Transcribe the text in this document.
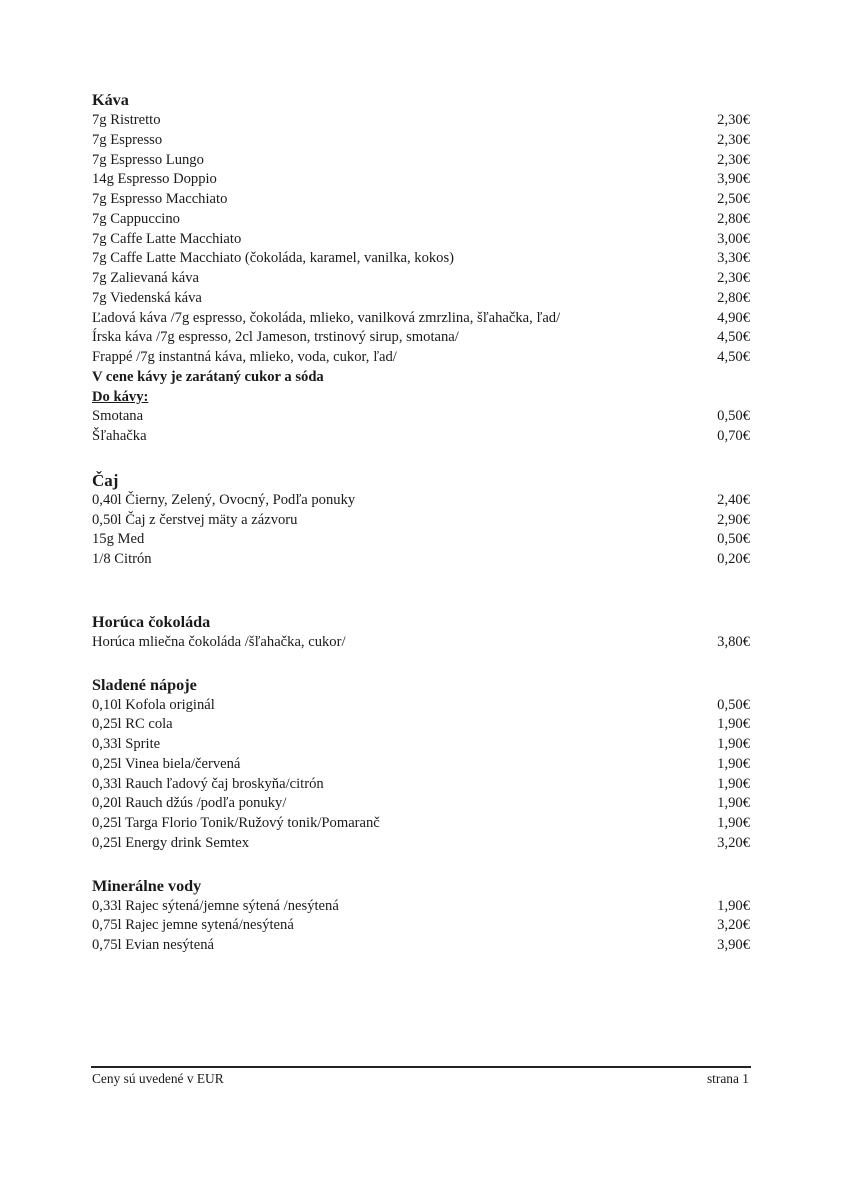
Káva
7g Ristretto	2,30€
7g Espresso	2,30€
7g Espresso Lungo	2,30€
14g Espresso Doppio	3,90€
7g Espresso Macchiato	2,50€
7g Cappuccino	2,80€
7g Caffe Latte Macchiato	3,00€
7g Caffe Latte Macchiato (čokoláda, karamel, vanilka, kokos)	3,30€
7g Zalievaná káva	2,30€
7g Viedenská káva	2,80€
Ľadová káva /7g espresso, čokoláda, mlieko, vanilková zmrzlina, šľahačka, ľad/	4,90€
Írska káva /7g espresso, 2cl Jameson, trstinový sirup, smotana/	4,50€
Frappé /7g instantná káva, mlieko, voda, cukor, ľad/	4,50€
V cene kávy je zarátaný cukor a sóda
Do kávy:
Smotana	0,50€
Šľahačka	0,70€
Čaj
0,40l Čierny, Zelený, Ovocný, Podľa ponuky	2,40€
0,50l Čaj z čerstvej mäty a zázvoru	2,90€
15g Med	0,50€
1/8 Citrón	0,20€
Horúca čokoláda
Horúca mliečna čokoláda /šľahačka, cukor/	3,80€
Sladené nápoje
0,10l Kofola originál	0,50€
0,25l RC cola	1,90€
0,33l Sprite	1,90€
0,25l Vinea biela/červená	1,90€
0,33l Rauch ľadový čaj broskyňa/citrón	1,90€
0,20l Rauch džús /podľa ponuky/	1,90€
0,25l Targa Florio Tonik/Ružový tonik/Pomaranč	1,90€
0,25l Energy drink Semtex	3,20€
Minerálne vody
0,33l Rajec sýtená/jemne sýtená /nesýtená	1,90€
0,75l Rajec jemne sytená/nesýtená	3,20€
0,75l Evian nesýtená	3,90€
Ceny sú uvedené v EUR	strana 1
